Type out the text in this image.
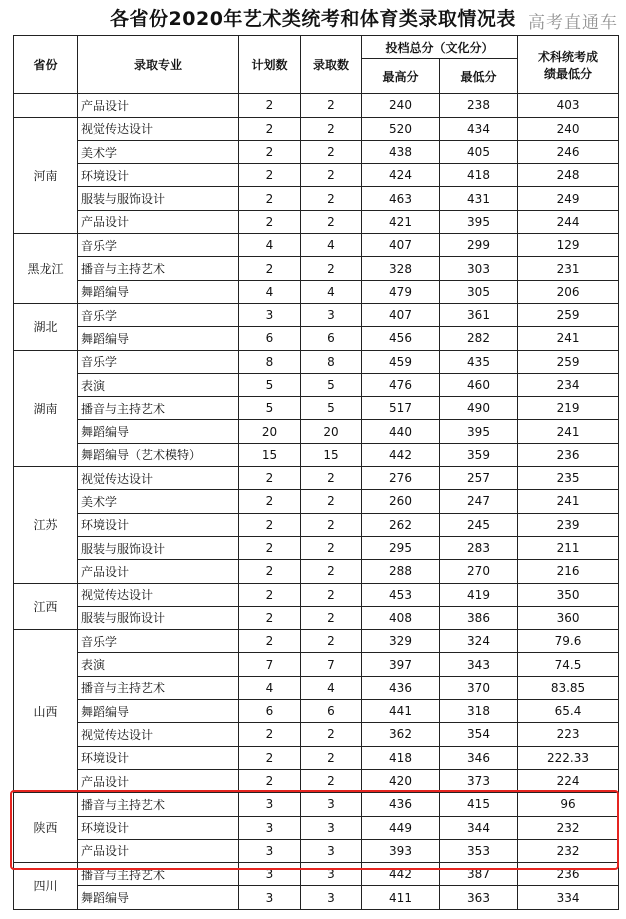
各省份2020年艺术类统考和体育类录取情况表
省份	录取专业	计划数	录取数	投档总分（文化分）		术科统考成绩最低分
				最高分	最低分	
	产品设计	2	2	240	238	403
河南	视觉传达设计	2	2	520	434	240
	美术学	2	2	438	405	246
	环境设计	2	2	424	418	248
	服装与服饰设计	2	2	463	431	249
	产品设计	2	2	421	395	244
黑龙江	音乐学	4	4	407	299	129
	播音与主持艺术	2	2	328	303	231
	舞蹈编导	4	4	479	305	206
湖北	音乐学	3	3	407	361	259
	舞蹈编导	6	6	456	282	241
湖南	音乐学	8	8	459	435	259
	表演	5	5	476	460	234
	播音与主持艺术	5	5	517	490	219
	舞蹈编导	20	20	440	395	241
	舞蹈编导（艺术模特）	15	15	442	359	236
江苏	视觉传达设计	2	2	276	257	235
	美术学	2	2	260	247	241
	环境设计	2	2	262	245	239
	服装与服饰设计	2	2	295	283	211
	产品设计	2	2	288	270	216
江西	视觉传达设计	2	2	453	419	350
	服装与服饰设计	2	2	408	386	360
山西	音乐学	2	2	329	324	79.6
	表演	7	7	397	343	74.5
	播音与主持艺术	4	4	436	370	83.85
	舞蹈编导	6	6	441	318	65.4
	视觉传达设计	2	2	362	354	223
	环境设计	2	2	418	346	222.33
	产品设计	2	2	420	373	224
陕西	播音与主持艺术	3	3	436	415	96
	环境设计	3	3	449	344	232
	产品设计	3	3	393	353	232
四川	播音与主持艺术	3	3	442	387	236
	舞蹈编导	3	3	411	363	334
高考直通车
